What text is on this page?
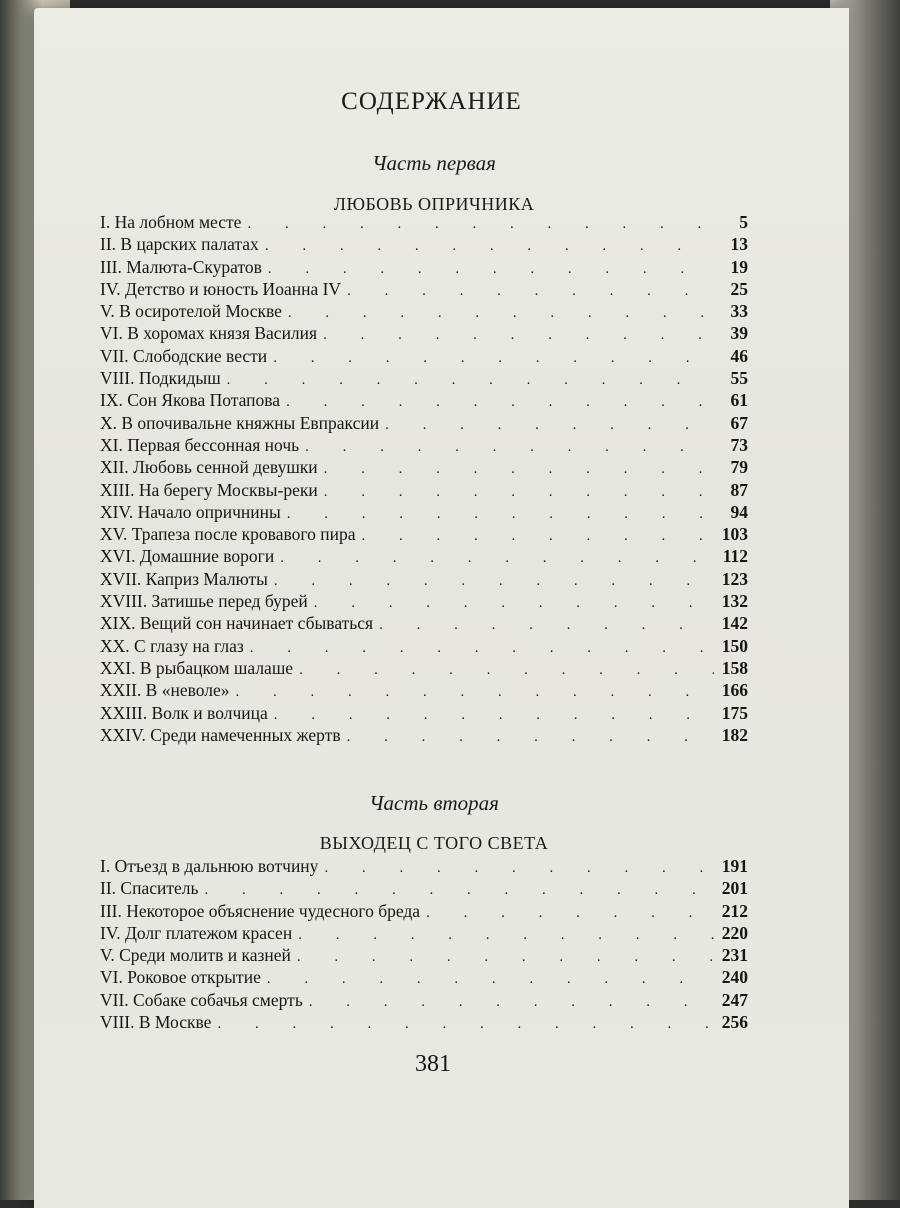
СОДЕРЖАНИЕ
Часть первая
ЛЮБОВЬ ОПРИЧНИКА
I. На лобном месте . . .	5
II. В царских палатах . . .	13
III. Малюта-Скуратов . . .	19
IV. Детство и юность Иоанна IV . . .	25
V. В осиротелой Москве . . .	33
VI. В хоромах князя Василия . . .	39
VII. Слободские вести . . .	46
VIII. Подкидыш . . .	55
IX. Сон Якова Потапова . . .	61
X. В опочивальне княжны Евпраксии . . .	67
XI. Первая бессонная ночь . . .	73
XII. Любовь сенной девушки . . .	79
XIII. На берегу Москвы-реки . . .	87
XIV. Начало опричнины . . .	94
XV. Трапеза после кровавого пира . . .	103
XVI. Домашние вороги . . .	112
XVII. Каприз Малюты . . .	123
XVIII. Затишье перед бурей . . .	132
XIX. Вещий сон начинает сбываться . . .	142
XX. С глазу на глаз . . .	150
XXI. В рыбацком шалаше . . .	158
XXII. В «неволе» . . .	166
XXIII. Волк и волчица . . .	175
XXIV. Среди намеченных жертв . . .	182
Часть вторая
ВЫХОДЕЦ С ТОГО СВЕТА
I. Отъезд в дальнюю вотчину . . .	191
II. Спаситель . . .	201
III. Некоторое объяснение чудесного бреда . . .	212
IV. Долг платежом красен . . .	220
V. Среди молитв и казней . . .	231
VI. Роковое открытие . . .	240
VII. Собаке собачья смерть . . .	247
VIII. В Москве . . .	256
381
